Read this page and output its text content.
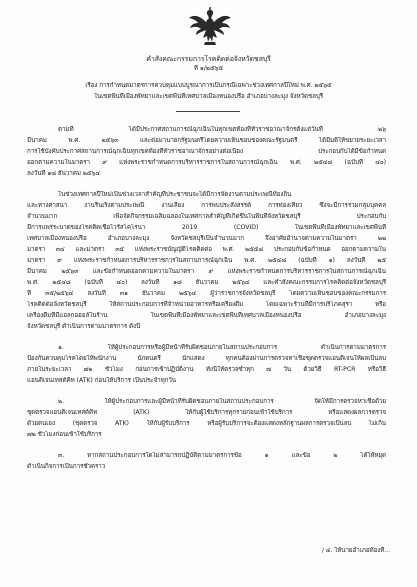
คำสั่งคณะกรรมการโรคติดต่อจังหวัดชลบุรี
ที่ ๑/๒๕๖๕
เรื่อง การกำหนดมาตรการควบคุมแบบบูรณาการเป็นกรณีเฉพาะช่วงเทศกาลปีใหม่ พ.ศ. ๒๕๖๕
ในเขตพื้นที่เมืองพัทยาและเขตพื้นที่เทศบาลเมืองหนองปรือ อำเภอบางละมุง จังหวัดชลบุรี
ตามที่ ได้มีประกาศสถานการณ์ฉุกเฉินในทุกเขตท้องที่ทั่วราชอาณาจักรตั้งแต่วันที่ ๒๖
มีนาคม พ.ศ. ๒๕๖๓ และต่อมานายกรัฐมนตรีโดยความเห็นชอบของคณะรัฐมนตรี ได้มีมติให้ขยายระยะเวลา
การใช้บังคับประกาศสถานการณ์ฉุกเฉินทุกเขตท้องที่ทั่วราชอาณาจักรอย่างต่อเนื่อง ประกอบกับได้มีข้อกำหนด
ออกตามความในมาตรา ๙ แห่งพระราชกำหนดการบริหารราชการในสถานการณ์ฉุกเฉิน พ.ศ. ๒๕๔๘ (ฉบับที่ ๔๐)
ลงวันที่ ๑๘ ธันวาคม ๒๕๖๔
ในช่วงเทศกาลปีใหม่เป็นช่วงเวลาสำคัญที่ประชาชนจะได้มีการจัดงานตามประเพณีท้องถิ่น
และทางศาสนา งานรื่นเริงตามประเพณี งานเลี้ยง การพบประสังสรรค์ การท่องเที่ยว ซึ่งจะมีการรวมกลุ่มบุคคล
จำนวนมาก เพื่อจัดกิจกรรมเฉลิมฉลองในเทศกาลสำคัญที่เกิดขึ้นในพื้นที่จังหวัดชลบุรี ประกอบกับ
มีการแพร่ระบาดของโรคติดเชื้อไวรัสโคโรนา 2019 (COVID) ในเขตพื้นที่เมืองพัทยาและเขตพื้นที่
เทศบาลเมืองหนองปรือ อำเภอบางละมุง จังหวัดชลบุรีเป็นจำนวนมาก จึงอาศัยอำนาจตามความในมาตรา ๒๒
มาตรา ๓๔ และมาตรา ๓๕ แห่งพระราชบัญญัติโรคติดต่อ พ.ศ. ๒๕๕๘ ประกอบกับข้อกำหนด ออกตามความใน
มาตรา ๙ แห่งพระราชกำหนดการบริหารราชการในสถานการณ์ฉุกเฉิน พ.ศ. ๒๕๔๘ (ฉบับที่ ๑) ลงวันที่ ๒๕
มีนาคม ๒๕๖๓ และข้อกำหนดออกตามความในมาตรา ๙ แห่งพระราชกำหนดการบริหารราชการในสถานการณ์ฉุกเฉิน
พ.ศ. ๒๕๔๘ (ฉบับที่ ๔๐) ลงวันที่ ๑๘ ธันวาคม ๒๕๖๔ และคำสั่งคณะกรรมการโรคติดต่อจังหวัดชลบุรี
ที่ ๓๕/๒๕๖๔ ลงวันที่ ๓๑ ธันวาคม ๒๕๖๔ ผู้ว่าราชการจังหวัดชลบุรี โดยความเห็นชอบของคณะกรรมการ
โรคติดต่อจังหวัดชลบุรี ให้สถานประกอบการที่จำหน่ายอาหารหรือเครื่องดื่ม โดยเฉพาะร้านที่มีการบริโภคสุรา หรือ
เครื่องดื่มที่มีแอลกอฮอล์ในร้าน ในเขตพื้นที่เมืองพัทยาและเขตพื้นที่เทศบาลเมืองหนองปรือ อำเภอบางละมุง
จังหวัดชลบุรี ดำเนินการตามมาตรการ ดังนี้
๑. ให้ผู้ประกอบการหรือผู้มีหน้าที่รับผิดชอบภายในสถานประกอบการ ดำเนินการตามมาตรการ
ป้องกันควบคุมโรคโดยให้พนักงาน นักดนตรี นักแสดง ทุกคนต้องผ่านการตรวจหาเชื้อชุดตรวจแอนติเจนให้ผลเป็นลบ
ภายในระยะเวลา ๗๒ ชั่วโมง ก่อนการเข้าปฏิบัติงาน ทั้งนี้ให้ตรวจซ้ำทุก ๗ วัน ด้วยวิธี RT-PCR หรือวิธี
แอนติเจนเทสต์คิท (ATK) ก่อนให้บริการ เป็นประจำทุกวัน
๒. ให้ผู้ประกอบการและผู้มีหน้าที่รับผิดชอบภายในสถานประกอบการ จัดให้มีการตรวจหาเชื้อด้วย
ชุดตรวจแอนติเจนเทสต์คิท (ATK) ให้กับผู้ใช้บริการทุกรายก่อนเข้าใช้บริการ หรือแสดงผลการตรวจ
ด้วยตนเอง (ชุดตรวจ ATK) ให้กับผู้รับบริการ หรือผู้รับบริการจะต้องแสดงหลักฐานผลการตรวจเป็นลบ ไม่เกิน
๗๒ ชั่วโมงก่อนเข้าใช้บริการ
๓. หากสถานประกอบการใดไม่สามารถปฏิบัติตามมาตรการข้อ ๑ และข้อ ๒ ได้ให้หยุด
ดำเนินกิจการเป็นการชั่วคราว
/ ๔. ให้นายอำเภอท้องที่...
